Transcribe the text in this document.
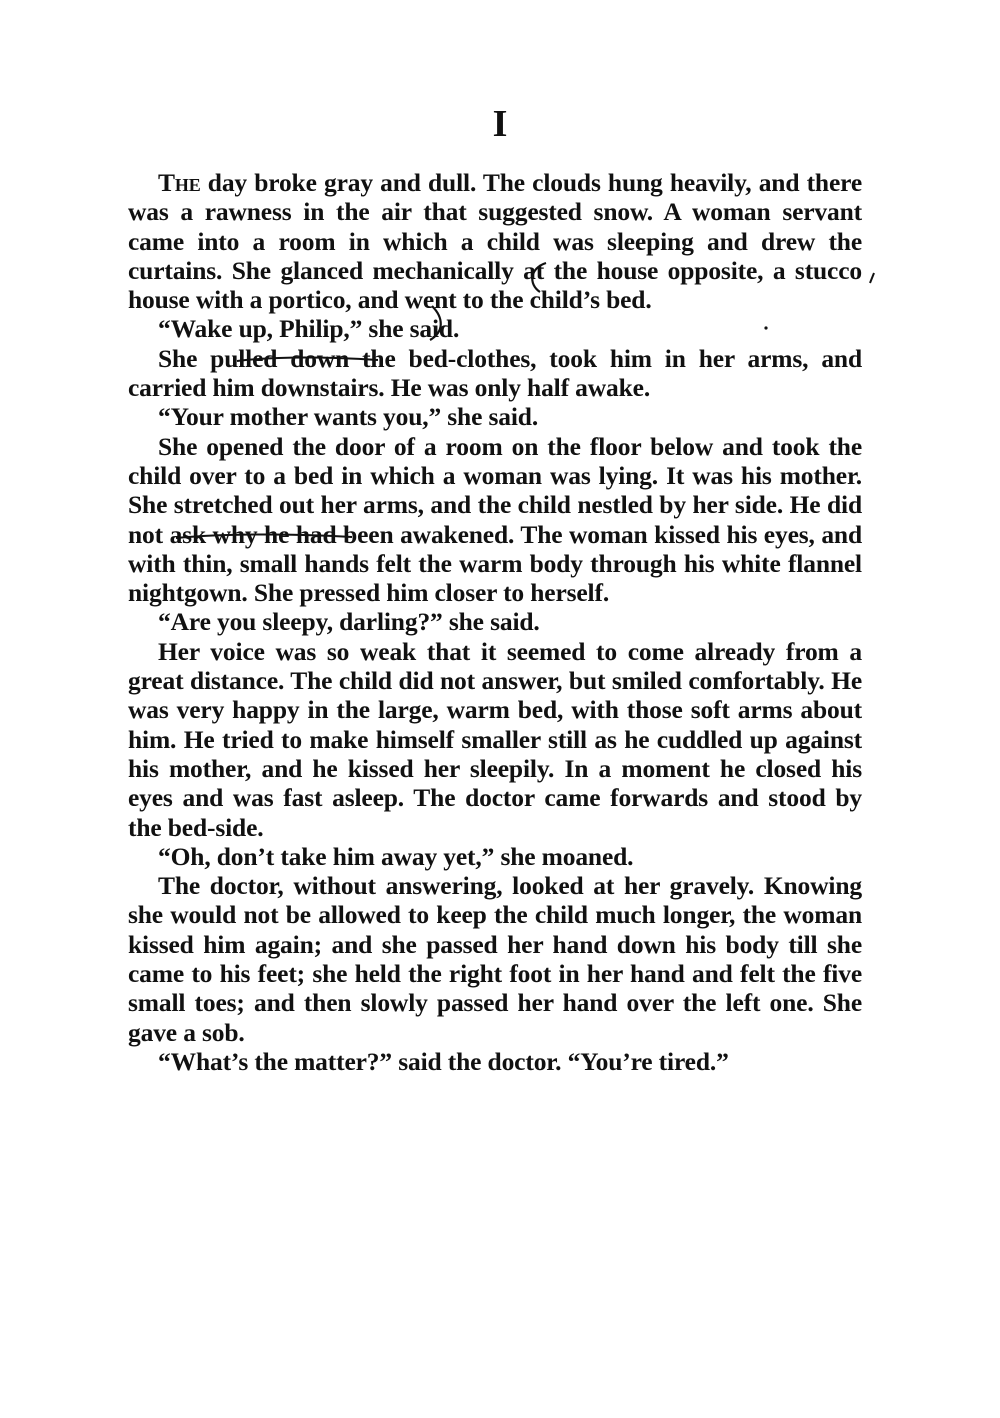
I

The day broke gray and dull. The clouds hung heavily, and there was a rawness in the air that suggested snow. A woman servant came into a room in which a child was sleeping and drew the curtains. She glanced mechanically at the house opposite, a stucco house with a portico, and went to the child’s bed.

“Wake up, Philip,” she said.

She pulled down the bed-clothes, took him in her arms, and carried him downstairs. He was only half awake.

“Your mother wants you,” she said.

She opened the door of a room on the floor below and took the child over to a bed in which a woman was lying. It was his mother. She stretched out her arms, and the child nestled by her side. He did not ask why he had been awakened. The woman kissed his eyes, and with thin, small hands felt the warm body through his white flannel nightgown. She pressed him closer to herself.

“Are you sleepy, darling?” she said.

Her voice was so weak that it seemed to come already from a great distance. The child did not answer, but smiled comfortably. He was very happy in the large, warm bed, with those soft arms about him. He tried to make himself smaller still as he cuddled up against his mother, and he kissed her sleepily. In a moment he closed his eyes and was fast asleep. The doctor came forwards and stood by the bed-side.

“Oh, don’t take him away yet,” she moaned.

The doctor, without answering, looked at her gravely. Knowing she would not be allowed to keep the child much longer, the woman kissed him again; and she passed her hand down his body till she came to his feet; she held the right foot in her hand and felt the five small toes; and then slowly passed her hand over the left one. She gave a sob.

“What’s the matter?” said the doctor. “You’re tired.”
